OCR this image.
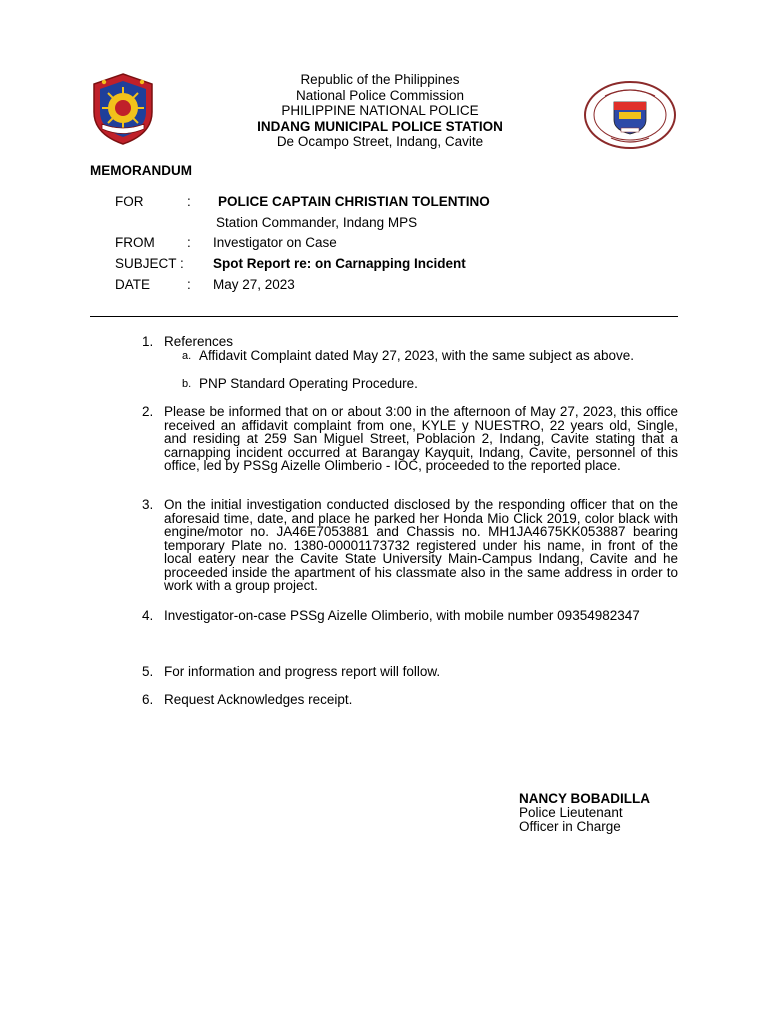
Republic of the Philippines
National Police Commission
PHILIPPINE NATIONAL POLICE
INDANG MUNICIPAL POLICE STATION
De Ocampo Street, Indang, Cavite
MEMORANDUM
FOR	: POLICE CAPTAIN CHRISTIAN TOLENTINO
Station Commander, Indang MPS
FROM	: Investigator on Case
SUBJECT :	Spot Report re: on Carnapping Incident
DATE	: May 27, 2023
1. References
a. Affidavit Complaint dated May 27, 2023, with the same subject as above.
b. PNP Standard Operating Procedure.
2. Please be informed that on or about 3:00 in the afternoon of May 27, 2023, this office received an affidavit complaint from one, KYLE y NUESTRO, 22 years old, Single, and residing at 259 San Miguel Street, Poblacion 2, Indang, Cavite stating that a carnapping incident occurred at Barangay Kayquit, Indang, Cavite, personnel of this office, led by PSSg Aizelle Olimberio - IOC, proceeded to the reported place.
3. On the initial investigation conducted disclosed by the responding officer that on the aforesaid time, date, and place he parked her Honda Mio Click 2019, color black with engine/motor no. JA46E7053881 and Chassis no. MH1JA4675KK053887 bearing temporary Plate no. 1380-00001173732 registered under his name, in front of the local eatery near the Cavite State University Main-Campus Indang, Cavite and he proceeded inside the apartment of his classmate also in the same address in order to work with a group project.
4. Investigator-on-case PSSg Aizelle Olimberio, with mobile number 09354982347
5. For information and progress report will follow.
6. Request Acknowledges receipt.
NANCY BOBADILLA
Police Lieutenant
Officer in Charge
